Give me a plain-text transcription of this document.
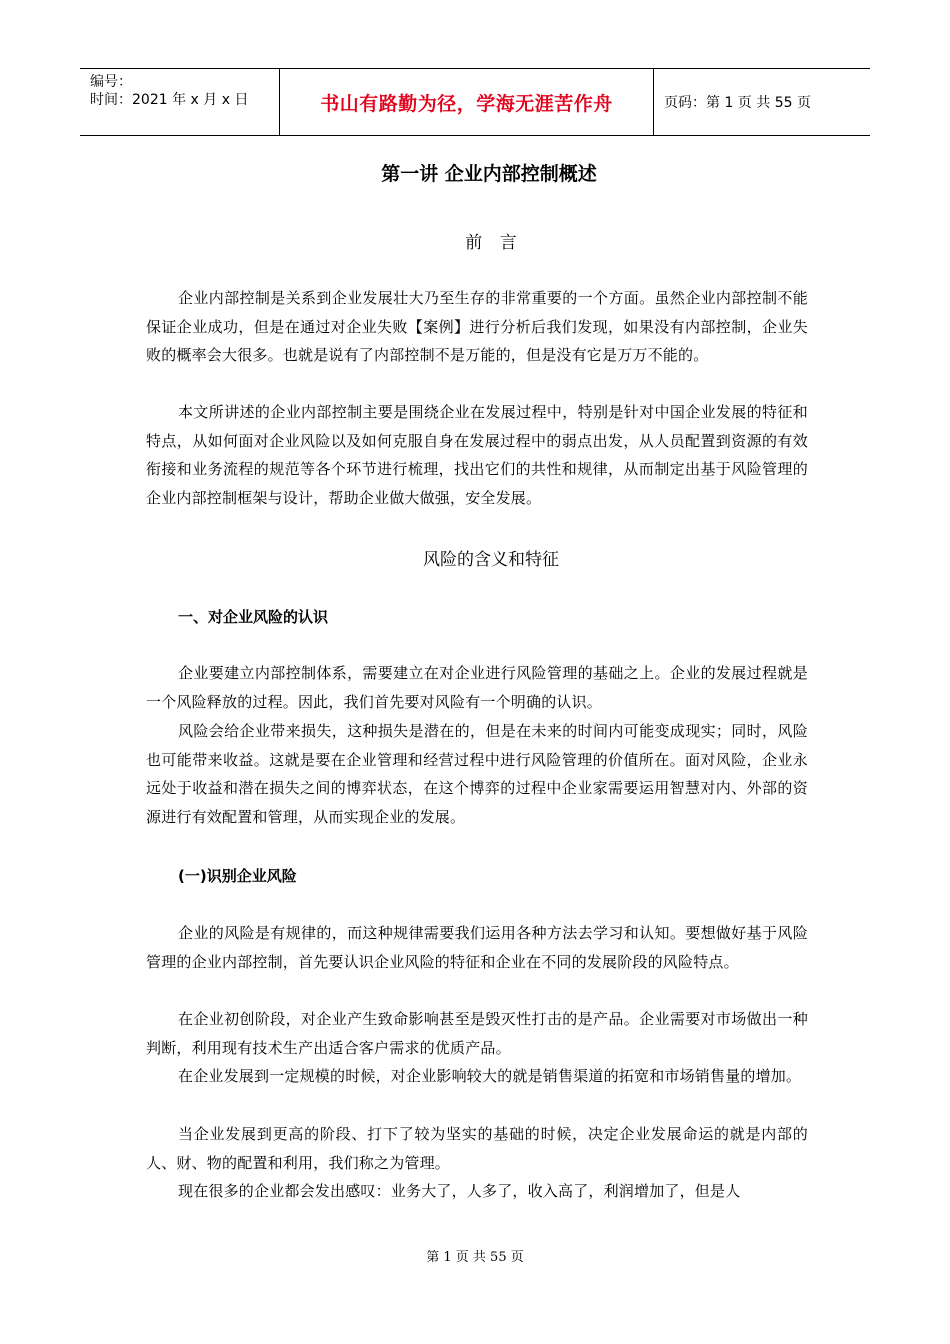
编号：
时间：2021 年 x 月 x 日	书山有路勤为径，学海无涯苦作舟	页码：第 1 页 共 55 页
第一讲 企业内部控制概述
前 言
企业内部控制是关系到企业发展壮大乃至生存的非常重要的一个方面。虽然企业内部控制不能保证企业成功，但是在通过对企业失败【案例】进行分析后我们发现，如果没有内部控制，企业失败的概率会大很多。也就是说有了内部控制不是万能的，但是没有它是万万不能的。
本文所讲述的企业内部控制主要是围绕企业在发展过程中，特别是针对中国企业发展的特征和特点，从如何面对企业风险以及如何克服自身在发展过程中的弱点出发，从人员配置到资源的有效衔接和业务流程的规范等各个环节进行梳理，找出它们的共性和规律，从而制定出基于风险管理的企业内部控制框架与设计，帮助企业做大做强，安全发展。
风险的含义和特征
一、对企业风险的认识
企业要建立内部控制体系，需要建立在对企业进行风险管理的基础之上。企业的发展过程就是一个风险释放的过程。因此，我们首先要对风险有一个明确的认识。
风险会给企业带来损失，这种损失是潜在的，但是在未来的时间内可能变成现实；同时，风险也可能带来收益。这就是要在企业管理和经营过程中进行风险管理的价值所在。面对风险，企业永远处于收益和潜在损失之间的博弈状态，在这个博弈的过程中企业家需要运用智慧对内、外部的资源进行有效配置和管理，从而实现企业的发展。
(一)识别企业风险
企业的风险是有规律的，而这种规律需要我们运用各种方法去学习和认知。要想做好基于风险管理的企业内部控制，首先要认识企业风险的特征和企业在不同的发展阶段的风险特点。
在企业初创阶段，对企业产生致命影响甚至是毁灭性打击的是产品。企业需要对市场做出一种判断，利用现有技术生产出适合客户需求的优质产品。
在企业发展到一定规模的时候，对企业影响较大的就是销售渠道的拓宽和市场销售量的增加。
当企业发展到更高的阶段、打下了较为坚实的基础的时候，决定企业发展命运的就是内部的人、财、物的配置和利用，我们称之为管理。
现在很多的企业都会发出感叹：业务大了，人多了，收入高了，利润增加了，但是人
第 1 页 共 55 页
